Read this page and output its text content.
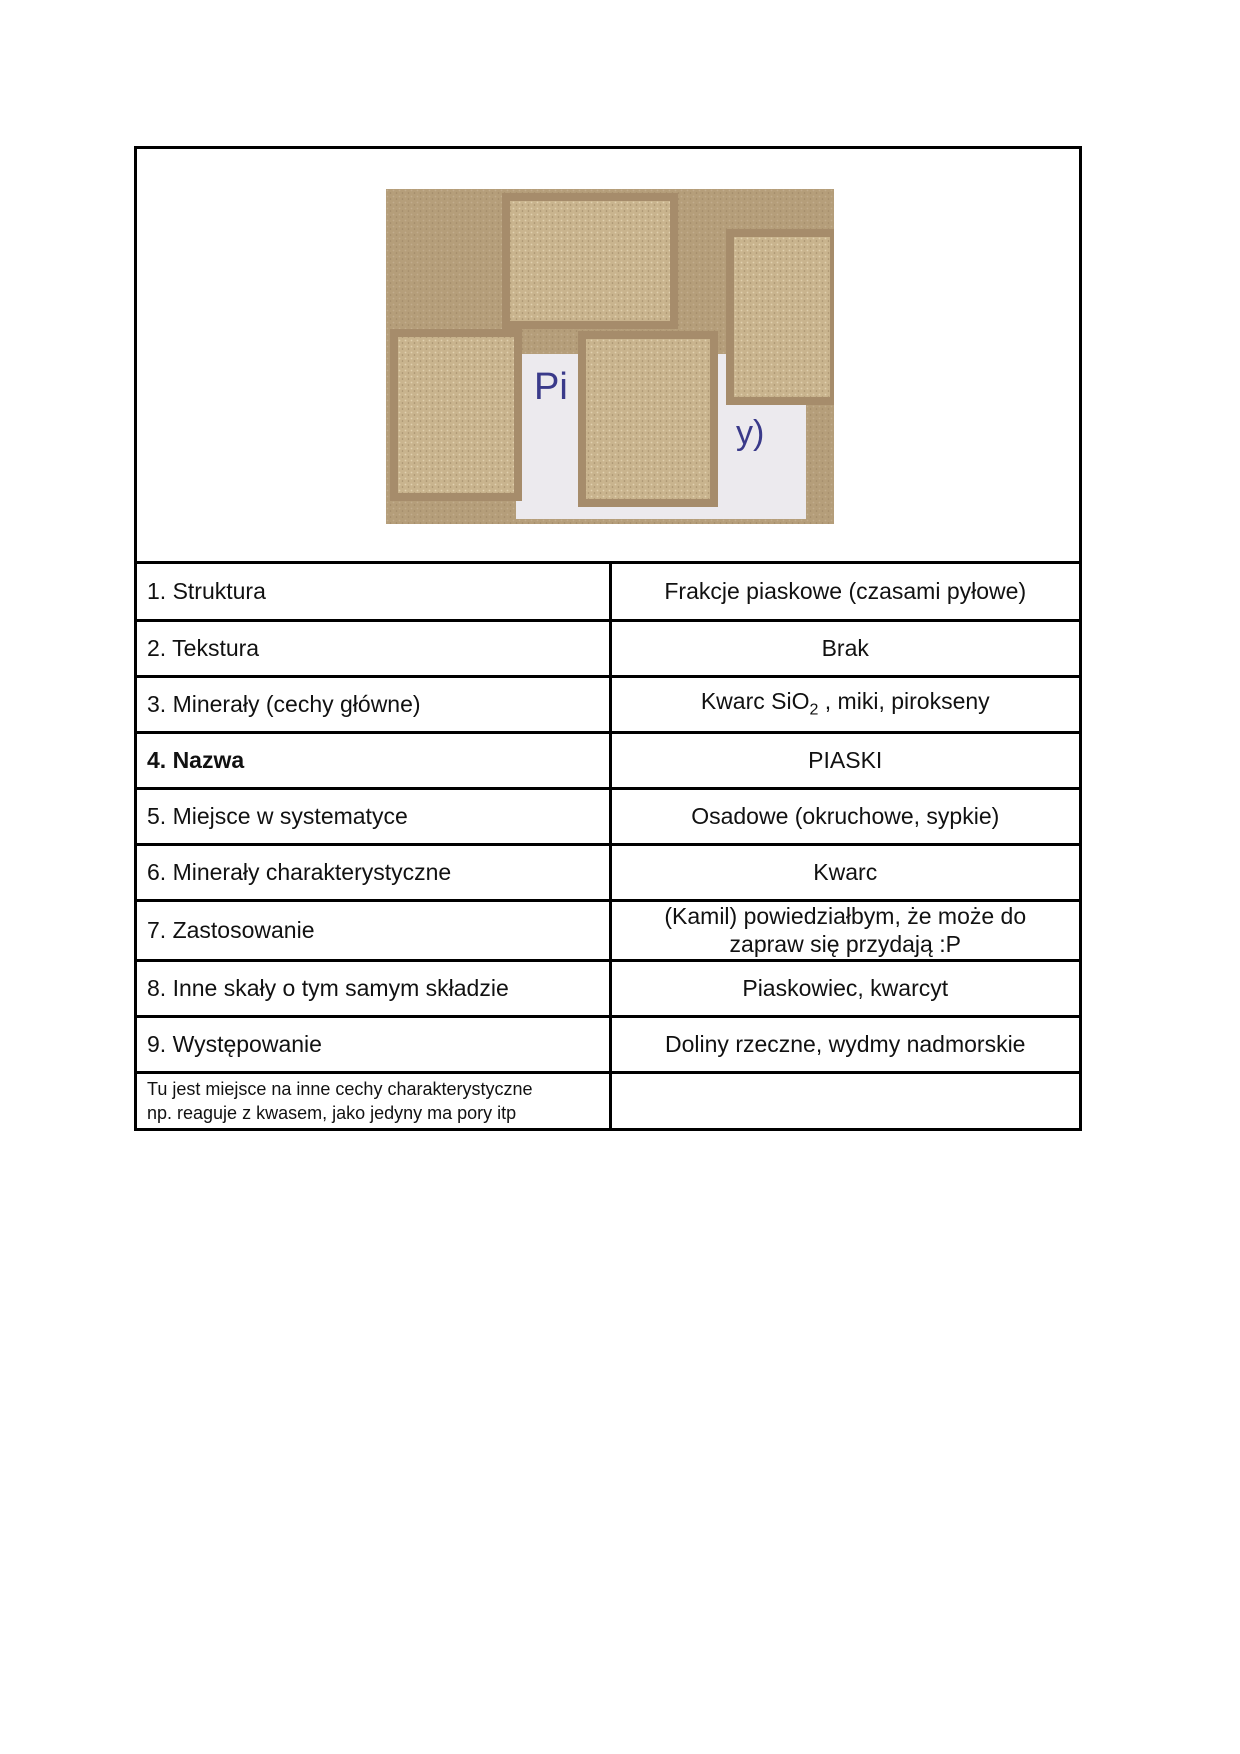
Pi
y)
1. Struktura	Frakcje piaskowe (czasami pyłowe)
2. Tekstura	Brak
3. Minerały (cechy główne)	Kwarc SiO$_2$ , miki, pirokseny
4. Nazwa	PIASKI
5. Miejsce w systematyce	Osadowe (okruchowe, sypkie)
6. Minerały charakterystyczne	Kwarc
7. Zastosowanie	(Kamil) powiedziałbym, że może do
zapraw się przydają :P

8. Inne skały o tym samym składzie	Piaskowiec, kwarcyt
9. Występowanie	Doliny rzeczne, wydmy nadmorskie

Tu jest miejsce na inne cechy charakterystyczne
np. reaguje z kwasem, jako jedyny ma pory itp	
